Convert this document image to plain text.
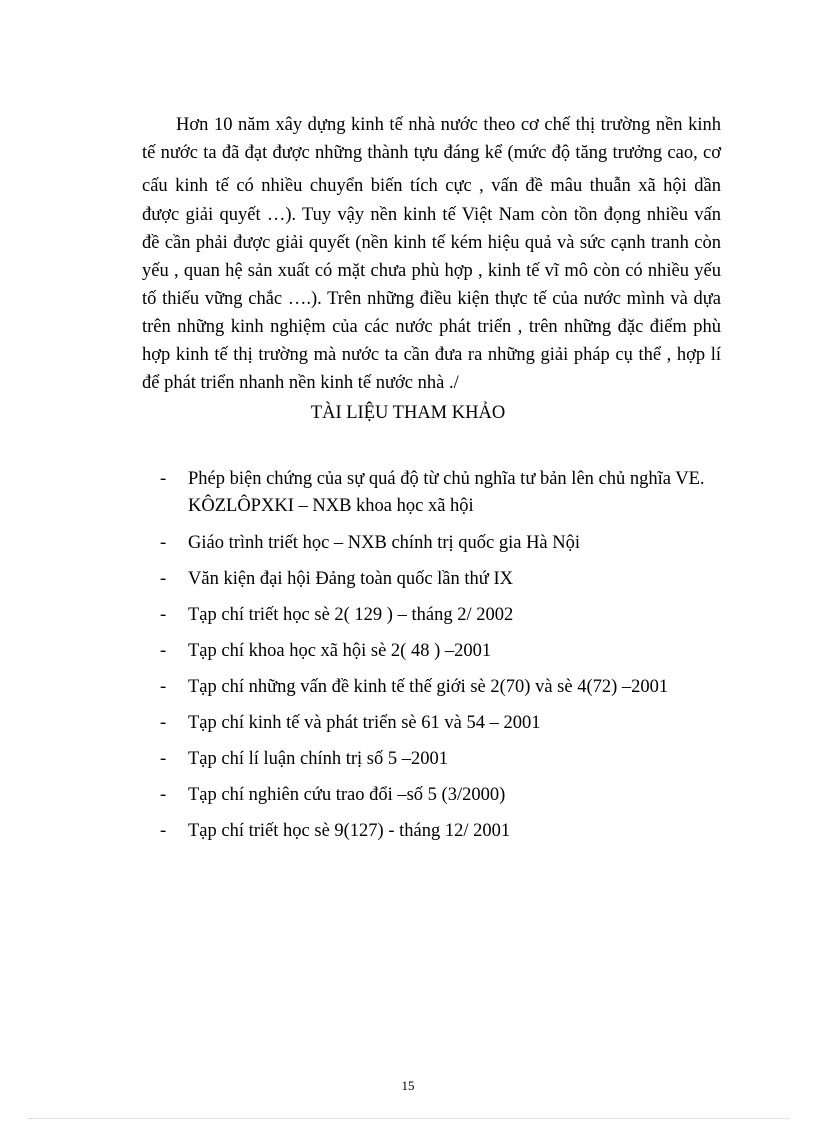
Hơn 10 năm xây dựng kinh tế nhà nước theo cơ chế thị trường nền kinh
tế nước ta đã đạt được những thành tựu đáng kể (mức độ tăng trưởng cao, cơ
cấu kinh tế có nhiều chuyển biến tích cực , vấn đề mâu thuẫn xã hội dần
được giải quyết …). Tuy vậy nền kinh tế Việt Nam còn tồn đọng nhiều vấn
đề cần phải được giải quyết (nền kinh tế kém hiệu quả và sức cạnh tranh còn
yếu , quan hệ sản xuất có mặt chưa phù hợp , kinh tế vĩ mô còn có nhiều yếu
tố thiếu vững chắc ….). Trên những điều kiện thực tế của nước mình và dựa
trên những kinh nghiệm của các nước phát triển , trên những đặc điểm phù
hợp kinh tế thị trường mà nước ta cần đưa ra những giải pháp cụ thể , hợp lí
để phát triển nhanh nền kinh tế nước nhà ./
TÀI LIỆU THAM KHẢO
- Phép biện chứng của sự quá độ từ chủ nghĩa tư bản lên chủ nghĩa VE.
KÔZLÔPXKI – NXB khoa học xã hội
- Giáo trình triết học – NXB chính trị quốc gia Hà Nội
- Văn kiện đại hội Đảng toàn quốc lần thứ IX
- Tạp chí triết học sè 2( 129 ) – tháng 2/ 2002
- Tạp chí khoa học xã hội sè 2( 48 ) –2001
- Tạp chí những vấn đề kinh tế thế giới sè 2(70) và sè 4(72) –2001
- Tạp chí kinh tế và phát triển sè 61 và 54 – 2001
- Tạp chí lí luận chính trị số 5 –2001
- Tạp chí nghiên cứu trao đổi –số 5 (3/2000)
- Tạp chí triết học sè 9(127) - tháng 12/ 2001
15
